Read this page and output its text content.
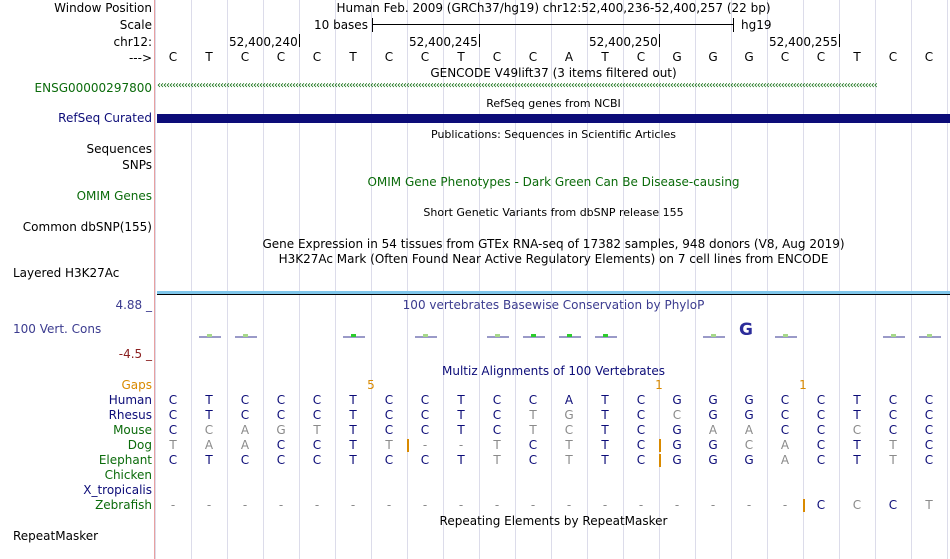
Window Position
Scale
chr12:
--->
ENSG00000297800
RefSeq Curated
Sequences
SNPs
OMIM Genes
Common dbSNP(155)
Layered H3K27Ac
4.88 _
100 Vert. Cons
-4.5 _
Gaps
RepeatMasker
Human Feb. 2009 (GRCh37/hg19) chr12:52,400,236-52,400,257 (22 bp)
10 bases	hg19
GENCODE V49lift37 (3 items filtered out)
‹‹‹‹‹‹‹‹‹‹‹‹‹‹‹‹‹‹‹‹‹‹‹‹‹‹‹‹‹‹‹‹‹‹‹‹‹‹‹‹‹‹‹‹‹‹‹‹‹‹‹‹‹‹‹‹‹‹‹‹‹‹‹‹‹‹‹‹‹‹‹‹‹‹‹‹‹‹‹‹‹‹‹‹‹‹‹‹‹‹‹‹‹‹‹‹‹‹‹‹‹‹‹‹‹‹‹‹‹‹‹‹‹‹‹‹‹‹‹‹‹‹‹‹‹‹‹‹‹‹‹‹‹‹‹‹‹‹‹‹‹‹‹‹‹‹‹‹‹‹‹‹‹‹‹‹‹‹‹‹‹‹‹‹‹‹‹‹‹‹‹‹‹‹‹‹‹‹‹‹‹‹‹‹‹‹‹‹‹‹‹‹‹‹‹‹‹‹‹‹‹‹‹‹‹‹‹‹‹‹‹‹‹‹‹‹‹‹‹‹‹‹‹‹‹‹‹‹‹‹‹‹‹‹‹‹‹‹‹‹
RefSeq genes from NCBI
Publications: Sequences in Scientific Articles
OMIM Gene Phenotypes - Dark Green Can Be Disease-causing
Short Genetic Variants from dbSNP release 155
Gene Expression in 54 tissues from GTEx RNA-seq of 17382 samples, 948 donors (V8, Aug 2019)
H3K27Ac Mark (Often Found Near Active Regulatory Elements) on 7 cell lines from ENCODE
100 vertebrates Basewise Conservation by PhyloP
G
Multiz Alignments of 100 Vertebrates
Repeating Elements by RepeatMasker
52,400,240	52,400,245	52,400,250	52,400,255
C	T	C	C	C	T	C	C	T	C	C	A	T	C	G	G	G	C	C	T	C	C
5	1	1
Human	C	T	C	C	C	T	C	C	T	C	C	A	T	C	G	G	G	C	C	T	C	C
Rhesus	C	T	C	C	C	T	C	C	T	C	T	G	T	C	C	G	G	C	C	T	C	C
Mouse	C	C	A	G	T	T	C	C	T	C	T	C	T	C	G	A	A	C	C	C	C	C
Dog	T	A	A	C	C	T	T	-	-	T	C	T	T	C	G	G	C	A	C	T	T	C
Elephant	C	T	C	C	C	T	C	C	T	T	C	T	T	C	G	G	G	A	C	T	T	C
Chicken
X_tropicalis
Zebrafish	-	-	-	-	-	-	-	-	-	-	-	-	-	-	-	-	-	-	C	C	C	T
